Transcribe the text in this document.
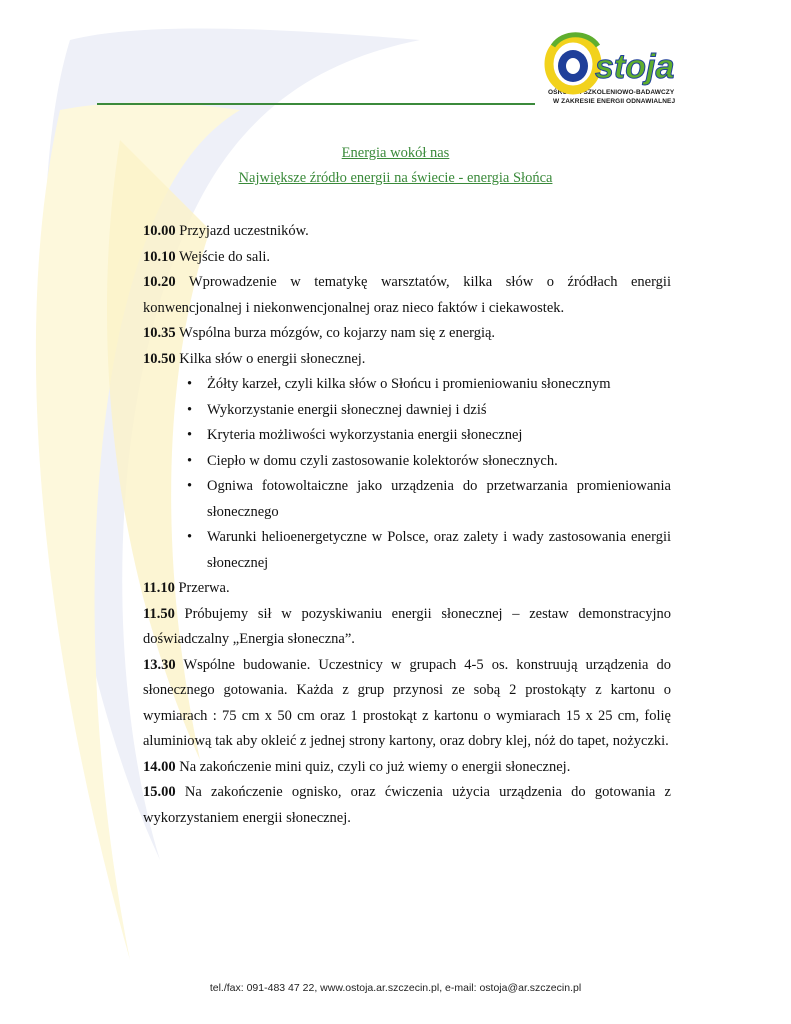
stoja
OŚRODEK SZKOLENIOWO-BADAWCZY
W ZAKRESIE ENERGII ODNAWIALNEJ
Energia wokół nas
Największe źródło energii na świecie - energia Słońca

10.00 Przyjazd uczestników.

10.10 Wejście do sali.

10.20 Wprowadzenie w tematykę warsztatów, kilka słów o źródłach energii konwencjonalnej i niekonwencjonalnej oraz nieco faktów i ciekawostek.

10.35 Wspólna burza mózgów, co kojarzy nam się z energią.

10.50 Kilka słów o energii słonecznej.

• Żółty karzeł, czyli kilka słów o Słońcu i promieniowaniu słonecznym
• Wykorzystanie energii słonecznej dawniej i dziś
• Kryteria możliwości wykorzystania energii słonecznej
• Ciepło w domu czyli zastosowanie kolektorów słonecznych.
• Ogniwa fotowoltaiczne jako urządzenia do przetwarzania promieniowania słonecznego
• Warunki helioenergetyczne w Polsce, oraz zalety i wady zastosowania energii słonecznej

11.10 Przerwa.

11.50 Próbujemy sił w pozyskiwaniu energii słonecznej – zestaw demonstracyjno doświadczalny „Energia słoneczna”.

13.30 Wspólne budowanie. Uczestnicy w grupach 4-5 os. konstruują urządzenia do słonecznego gotowania. Każda z grup przynosi ze sobą 2 prostokąty z kartonu o wymiarach : 75 cm x 50 cm oraz 1 prostokąt z kartonu o wymiarach 15 x 25 cm, folię aluminiową tak aby okleić z jednej strony kartony, oraz dobry klej, nóż do tapet, nożyczki.

14.00 Na zakończenie mini quiz, czyli co już wiemy o energii słonecznej.

15.00 Na zakończenie ognisko, oraz ćwiczenia użycia urządzenia do gotowania z wykorzystaniem energii słonecznej.

tel./fax: 091-483 47 22, www.ostoja.ar.szczecin.pl, e-mail: ostoja@ar.szczecin.pl
